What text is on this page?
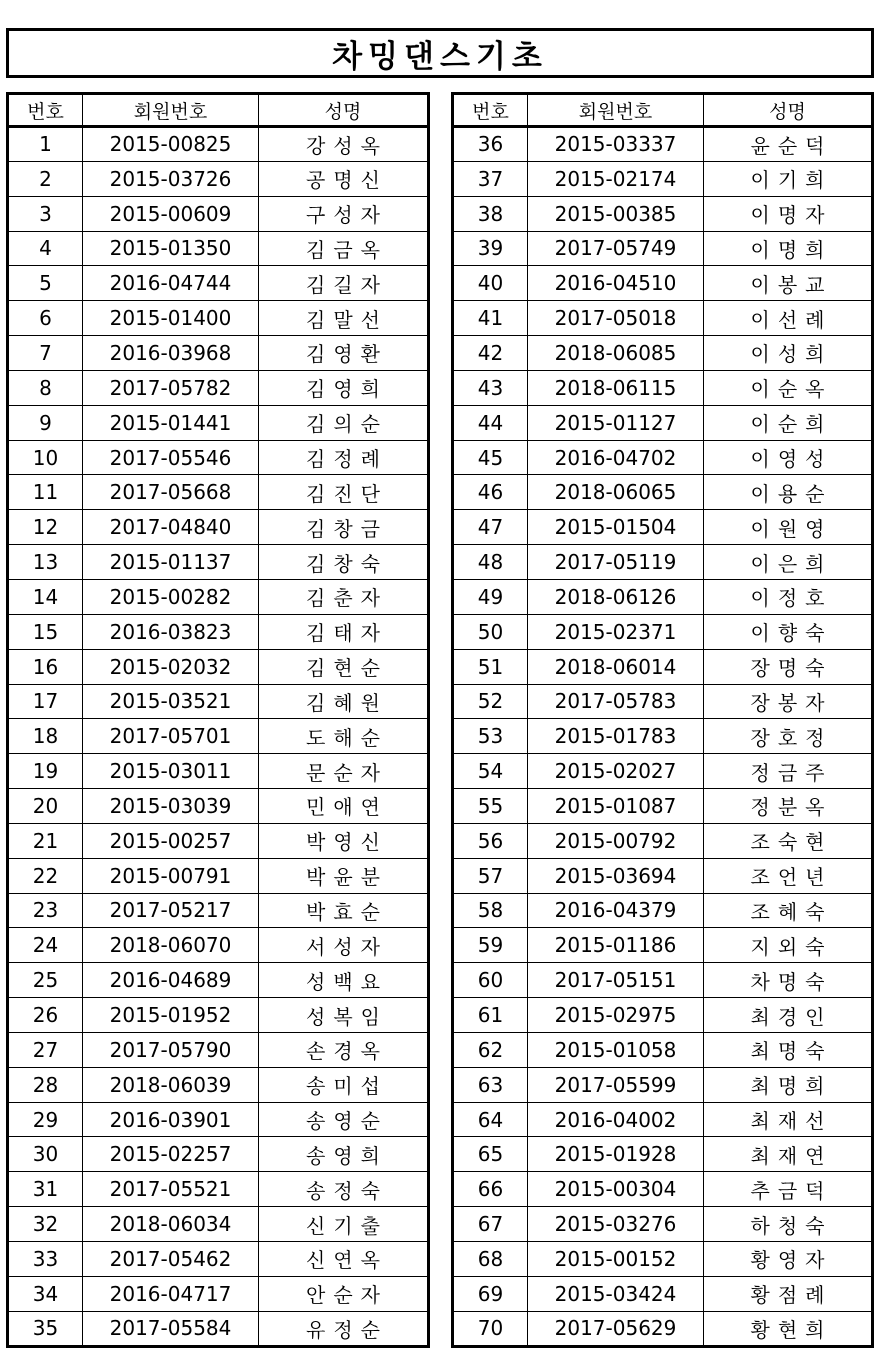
차밍댄스기초
번호	회원번호	성명
1	2015-00825	강성옥
2	2015-03726	공명신
3	2015-00609	구성자
4	2015-01350	김금옥
5	2016-04744	김길자
6	2015-01400	김말선
7	2016-03968	김영환
8	2017-05782	김영희
9	2015-01441	김의순
10	2017-05546	김정례
11	2017-05668	김진단
12	2017-04840	김창금
13	2015-01137	김창숙
14	2015-00282	김춘자
15	2016-03823	김태자
16	2015-02032	김현순
17	2015-03521	김혜원
18	2017-05701	도해순
19	2015-03011	문순자
20	2015-03039	민애연
21	2015-00257	박영신
22	2015-00791	박윤분
23	2017-05217	박효순
24	2018-06070	서성자
25	2016-04689	성백요
26	2015-01952	성복임
27	2017-05790	손경옥
28	2018-06039	송미섭
29	2016-03901	송영순
30	2015-02257	송영희
31	2017-05521	송정숙
32	2018-06034	신기출
33	2017-05462	신연옥
34	2016-04717	안순자
35	2017-05584	유정순
번호	회원번호	성명
36	2015-03337	윤순덕
37	2015-02174	이기희
38	2015-00385	이명자
39	2017-05749	이명희
40	2016-04510	이봉교
41	2017-05018	이선례
42	2018-06085	이성희
43	2018-06115	이순옥
44	2015-01127	이순희
45	2016-04702	이영성
46	2018-06065	이용순
47	2015-01504	이원영
48	2017-05119	이은희
49	2018-06126	이정호
50	2015-02371	이향숙
51	2018-06014	장명숙
52	2017-05783	장봉자
53	2015-01783	장호정
54	2015-02027	정금주
55	2015-01087	정분옥
56	2015-00792	조숙현
57	2015-03694	조언년
58	2016-04379	조혜숙
59	2015-01186	지외숙
60	2017-05151	차명숙
61	2015-02975	최경인
62	2015-01058	최명숙
63	2017-05599	최명희
64	2016-04002	최재선
65	2015-01928	최재연
66	2015-00304	추금덕
67	2015-03276	하청숙
68	2015-00152	황영자
69	2015-03424	황점례
70	2017-05629	황현희
